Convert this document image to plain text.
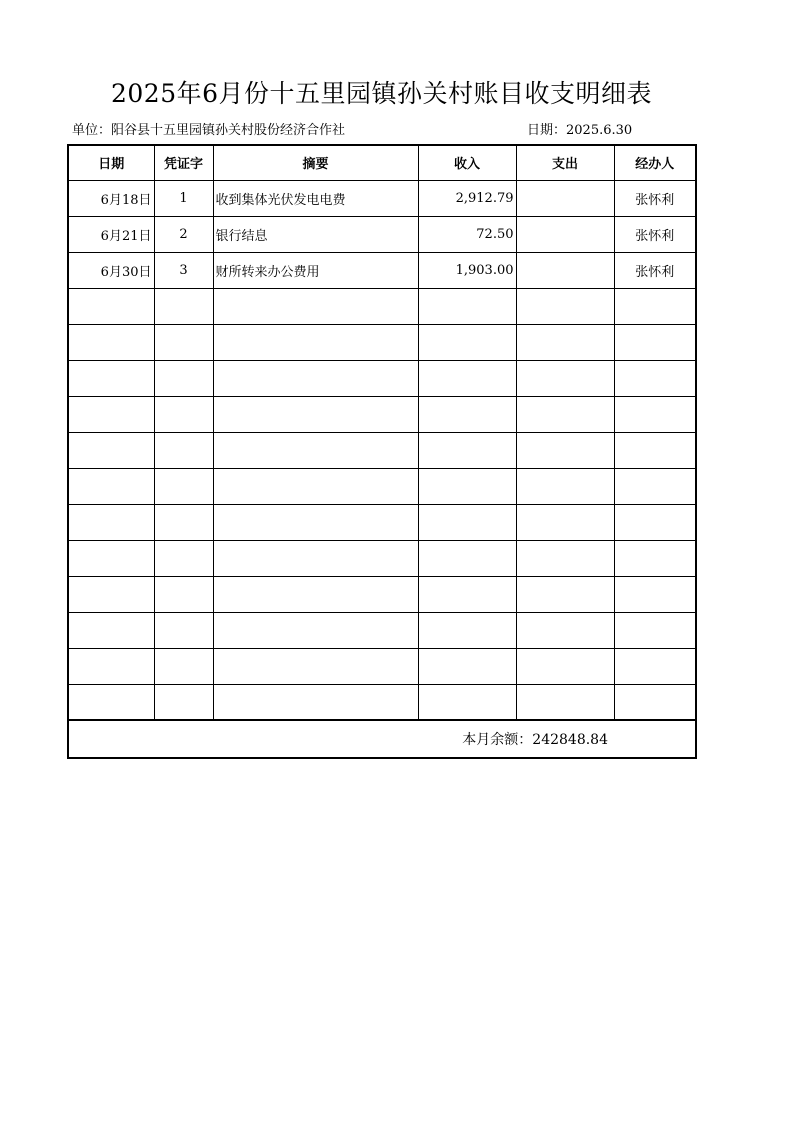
2025年6月份十五里园镇孙关村账目收支明细表
单位：阳谷县十五里园镇孙关村股份经济合作社	日期：2025.6.30
日期	凭证字	摘要	收入	支出	经办人
6月18日	1	收到集体光伏发电电费	2,912.79		张怀利
6月21日	2	银行结息	72.50		张怀利
6月30日	3	财所转来办公费用	1,903.00		张怀利

本月余额：242848.84					
